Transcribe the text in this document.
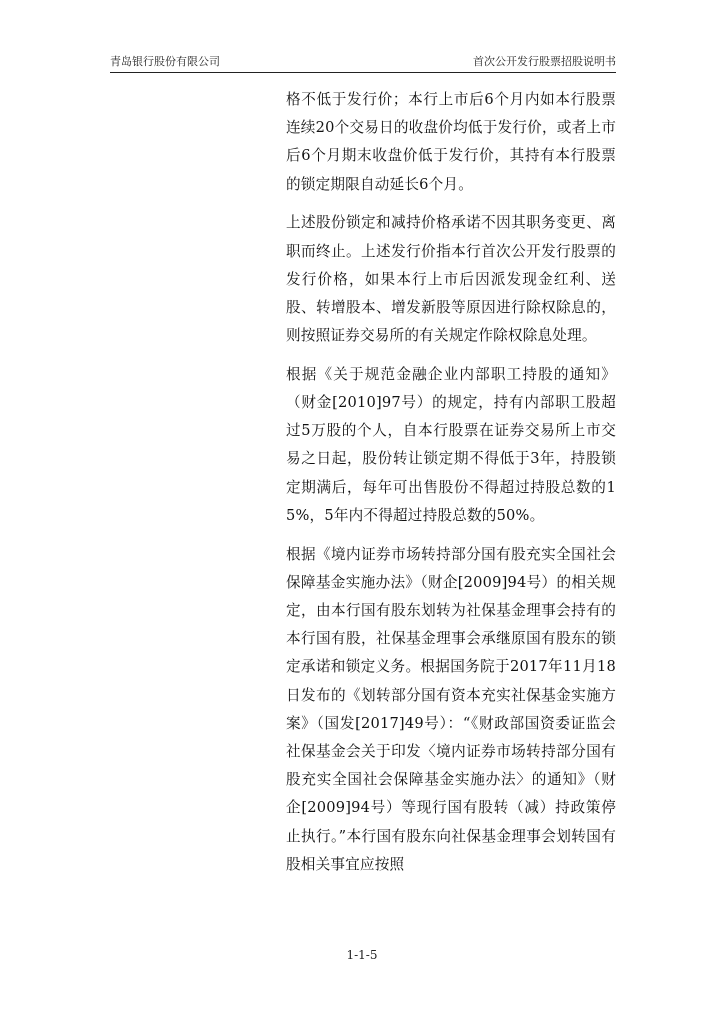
青岛银行股份有限公司	首次公开发行股票招股说明书

格不低于发行价；本行上市后6个月内如本行股票连续20个交易日的收盘价均低于发行价，或者上市后6个月期末收盘价低于发行价，其持有本行股票的锁定期限自动延长6个月。

上述股份锁定和减持价格承诺不因其职务变更、离职而终止。上述发行价指本行首次公开发行股票的发行价格，如果本行上市后因派发现金红利、送股、转增股本、增发新股等原因进行除权除息的，则按照证券交易所的有关规定作除权除息处理。

根据《关于规范金融企业内部职工持股的通知》（财金[2010]97号）的规定，持有内部职工股超过5万股的个人，自本行股票在证券交易所上市交易之日起，股份转让锁定期不得低于3年，持股锁定期满后，每年可出售股份不得超过持股总数的15%，5年内不得超过持股总数的50%。

根据《境内证券市场转持部分国有股充实全国社会保障基金实施办法》（财企[2009]94号）的相关规定，由本行国有股东划转为社保基金理事会持有的本行国有股，社保基金理事会承继原国有股东的锁定承诺和锁定义务。根据国务院于2017年11月18日发布的《划转部分国有资本充实社保基金实施方案》（国发[2017]49号）：“《财政部国资委证监会社保基金会关于印发〈境内证券市场转持部分国有股充实全国社会保障基金实施办法〉的通知》（财企[2009]94号）等现行国有股转（减）持政策停止执行。”本行国有股东向社保基金理事会划转国有股相关事宜应按照

1-1-5
